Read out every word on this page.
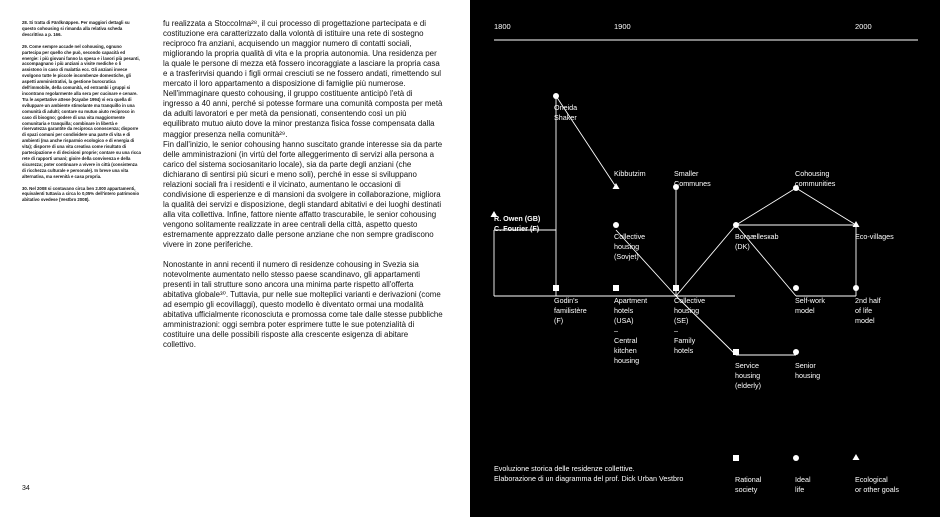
28. Si tratta di Färdknäppen. Per maggiori dettagli su questo cohousing si rimanda alla relativa scheda descrittiva a p. 166.

29. Come sempre accade nel cohousing, ognuno partecipa per quello che può, secondo capacità ed energie: i più giovani fanno la spesa e i lavori più pesanti, accompagnano i più anziani a visite mediche o li assistono in caso di malattia ecc. Gli anziani invece svolgono tutte le piccole incombenze domestiche, gli aspetti amministrativi, la gestione burocratica dell'immobile, della comunità, ed entrambi i gruppi si incontrano regolarmente alla sera per cucinare e cenare. Tra le aspettative attese (Kayabe 1994) vi era quella di sviluppare un ambiente stimolante ma tranquillo in una comunità di adulti; contare su mutuo aiuto reciproco in caso di bisogno; godere di una vita maggiormente comunitaria e tranquilla; combinare in libertà e riservatezza garantite da reciproca conoscenza; disporre di spazi comuni per condividere una parte di vita e di ambienti (ma anche risparmio ecologico e di energia di vita); disporre di una vita creativa come risultato di partecipazione e di decisioni proprie; contare su una ricca rete di rapporti umani; gioire della convivenza e della sicurezza; poter continuare a vivere in città (consistenza di ricchezza culturale e personale). In breve una vita alternativa, ma serenità e casa propria.

30. Nel 2008 si contavano circa ben 2.000 appartamenti, equivalenti tuttavia a circa lo 0,05% dell'intero patrimonio abitativo svedese (Vestbro 2008).

fu realizzata a Stoccolma²⁸, il cui processo di progettazione partecipata e di costituzione era caratterizzato dalla volontà di istituire una rete di sostegno reciproco fra anziani, acquisendo un maggior numero di contatti sociali, migliorando la propria qualità di vita e la propria autonomia. Una residenza per la quale le persone di mezza età fossero incoraggiate a lasciare la propria casa e a trasferirvisi quando i figli ormai cresciuti se ne fossero andati, rimettendo sul mercato il loro appartamento a disposizione di famiglie più numerose.

Nell'immaginare questo cohousing, il gruppo costituente anticipò l'età di ingresso a 40 anni, perché si potesse formare una comunità composta per metà da adulti lavoratori e per metà da pensionati, consentendo così un più equilibrato mutuo aiuto dove la minor prestanza fisica fosse compensata dalla maggior presenza nella comunità²⁹.

Fin dall'inizio, le senior cohousing hanno suscitato grande interesse sia da parte delle amministrazioni (in virtù del forte alleggerimento di servizi alla persona a carico del sistema sociosanitario locale), sia da parte degli anziani (che dichiarano di sentirsi più sicuri e meno soli), perché in esse si sviluppano relazioni sociali fra i residenti e il vicinato, aumentano le occasioni di condivisione di esperienze e di mansioni da svolgere in collaborazione, migliora la qualità dei servizi e disposizione, degli standard abitativi e dei luoghi destinati alla vita collettiva. Infine, fattore niente affatto trascurabile, le senior cohousing vengono solitamente realizzate in aree centrali della città, aspetto questo estremamente apprezzato dalle persone anziane che non sempre gradiscono vivere in zone periferiche.

Nonostante in anni recenti il numero di residenze cohousing in Svezia sia notevolmente aumentato nello stesso paese scandinavo, gli appartamenti presenti in tali strutture sono ancora una minima parte rispetto all'offerta abitativa globale³⁰. Tuttavia, pur nelle sue molteplici varianti e derivazioni (come ad esempio gli ecovillaggi), questo modello è diventato ormai una modalità abitativa ufficialmente riconosciuta e promossa come tale dalle stesse pubbliche amministrazioni: oggi sembra poter esprimere tutte le sue potenzialità di costituire una delle possibili risposte alla crescente esigenza di abitare collettivo.

34
1800	1900	2000
R. Owen (GB)
C. Fourier (F)
Oneida
Shaker
Kibbutzim	Smaller
Communes
Cohousing
communities
Collective
housing
(Sovjet)
Borаællesкab
(DK)
Eco-villages
Godin's
familistère
(F)
Apartment
hotels
(USA)
–
Central
kitchen
housing
Collective
housing
(SE)
–
Family
hotels
Self-work
model
2nd half
of life
model
Service
housing
(elderly)
Senior
housing
Evoluzione storica delle residenze collettive.
Elaborazione di un diagramma del prof. Dick Urban Vestbro	Rational
society
Ideal
life
Ecological
or other goals
